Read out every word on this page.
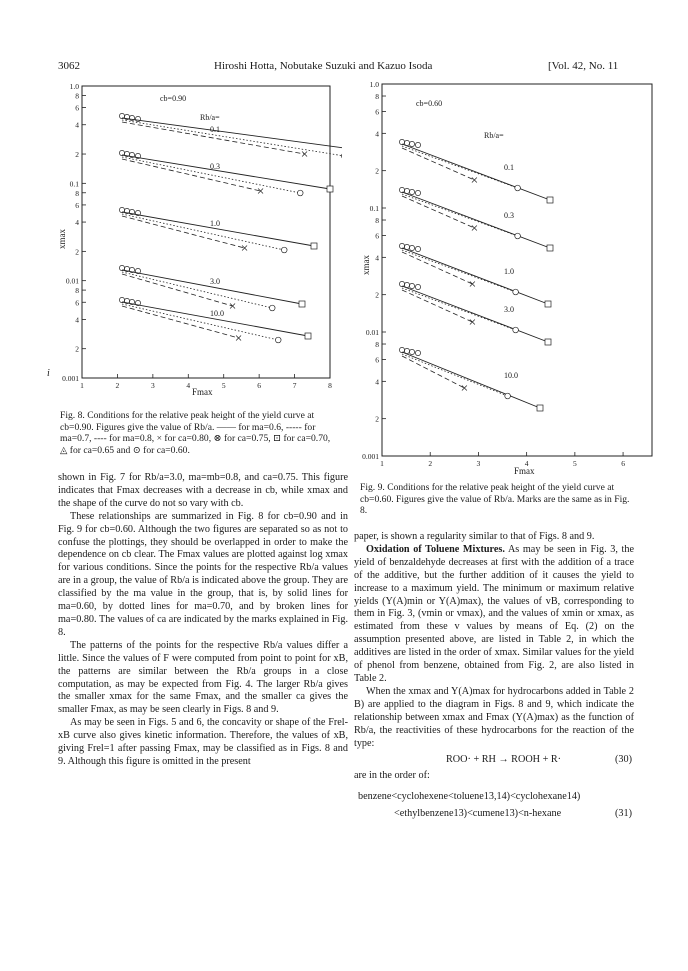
3062	Hiroshi Hotta, Nobutake Suzuki and Kazuo Isoda	[Vol. 42, No. 11
1.0
8
6
4
2
0.1
8
6
4
2
0.01
8
6
4
2
0.001
1	2	3	4	5	6	7	8
cb=0.90
Rb/a=
0.1
0.3
1.0
3.0
10.0
Fmax
xmax
i
Fig. 8. Conditions for the relative peak height of the yield curve at cb=0.90. Figures give the value of Rb/a. —— for ma=0.6, ----- for ma=0.7, ---- for ma=0.8, × for ca=0.80, ⊗ for ca=0.75, ⊡ for ca=0.70, ◬ for ca=0.65 and ⊙ for ca=0.60.
1.0
8
6
4
2
0.1
8
6
4
2
0.01
8
6
4
2
0.001
1	2	3	4	5	6
cb=0.60
Rb/a=
0.1
0.3
1.0
3.0
10.0
Fmax
xmax
Fig. 9. Conditions for the relative peak height of the yield curve at cb=0.60. Figures give the value of Rb/a. Marks are the same as in Fig. 8.

shown in Fig. 7 for Rb/a=3.0, ma=mb=0.8, and ca=0.75. This figure indicates that Fmax decreases with a decrease in cb, while xmax and the shape of the curve do not so vary with cb.

These relationships are summarized in Fig. 8 for cb=0.90 and in Fig. 9 for cb=0.60. Although the two figures are separated so as not to confuse the plottings, they should be overlapped in order to make the dependence on cb clear. The Fmax values are plotted against log xmax for various conditions. Since the points for the respective Rb/a values are in a group, the value of Rb/a is indicated above the group. They are classified by the ma value in the group, that is, by solid lines for ma=0.60, by dotted lines for ma=0.70, and by broken lines for ma=0.80. The values of ca are indicated by the marks explained in Fig. 8.

The patterns of the points for the respective Rb/a values differ a little. Since the values of F were computed from point to point for xB, the patterns are similar between the Rb/a groups in a close computation, as may be expected from Fig. 4. The larger Rb/a gives the smaller xmax for the same Fmax, and the smaller ca gives the smaller Fmax, as may be seen clearly in Figs. 8 and 9.

As may be seen in Figs. 5 and 6, the concavity or shape of the Frel-xB curve also gives kinetic information. Therefore, the values of xB, giving Frel=1 after passing Fmax, may be classified as in Figs. 8 and 9. Although this figure is omitted in the present

paper, is shown a regularity similar to that of Figs. 8 and 9.

Oxidation of Toluene Mixtures. As may be seen in Fig. 3, the yield of benzaldehyde decreases at first with the addition of a trace of the additive, but the further addition of it causes the yield to increase to a maximum yield. The minimum or maximum relative yields (Y(A)min or Y(A)max), the values of vB, corresponding to them in Fig. 3, (vmin or vmax), and the values of xmin or xmax, as estimated from these v values by means of Eq. (2) on the assumption presented above, are listed in Table 2, in which the additives are listed in the order of xmax. Similar values for the yield of phenol from benzene, obtained from Fig. 2, are also listed in Table 2.

When the xmax and Y(A)max for hydrocarbons added in Table 2 B) are applied to the diagram in Figs. 8 and 9, which indicate the relationship between xmax and Fmax (Y(A)max) as the function of Rb/a, the reactivities of these hydrocarbons for the reaction of the type:

ROO· + RH → ROOH + R·	(30)

are in the order of:

benzene<cyclohexene<toluene13,14)<cyclohexane14)
<ethylbenzene13)<cumene13)<n-hexane	(31)
